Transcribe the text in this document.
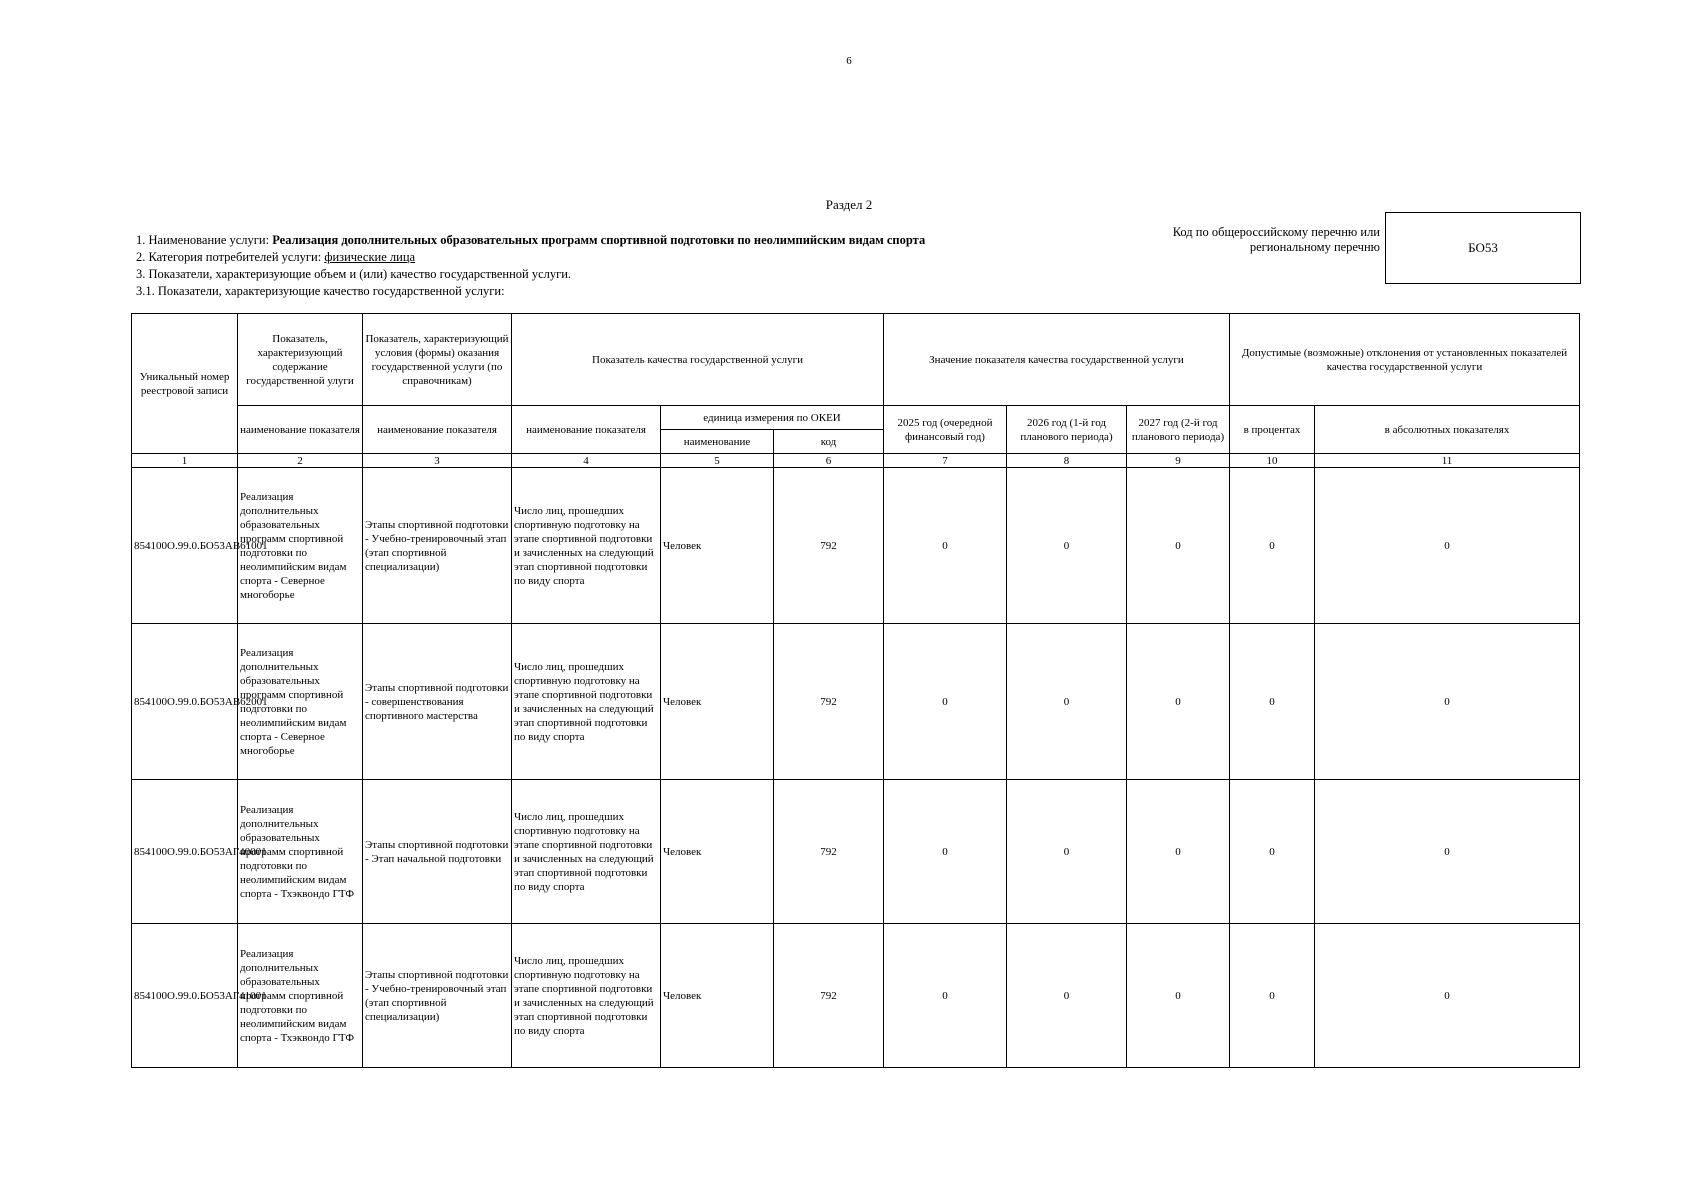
6
Раздел 2
1. Наименование услуги: Реализация дополнительных образовательных программ спортивной подготовки по неолимпийским видам спорта
2. Категория потребителей услуги: физические лица
3. Показатели, характеризующие объем и (или) качество государственной услуги.
3.1. Показатели, характеризующие качество государственной услуги:
Код по общероссийскому перечню или региональному перечню	БО53
Уникальный номер реестровой записи	Показатель, характеризующий содержание государственной улуги	Показатель, характеризующий условия (формы) оказания государственной услуги (по справочникам)	Показатель качества государственной услуги			Значение показателя качества государственной услуги			Допустимые (возможные) отклонения от установленных показателей качества государственной услуги	
	наименование показателя	наименование показателя	наименование показателя	единица измерения по ОКЕИ		2025 год (очередной финансовый год)	2026 год (1-й год планового периода)	2027 год (2-й год планового периода)	в процентах	в абсолютных показателях
				наименование	код					
1	2	3	4	5	6	7	8	9	10	11
854100О.99.0.БО53АВ61001	Реализация дополнительных образовательных программ спортивной подготовки по неолимпийским видам спорта - Северное многоборье	Этапы спортивной подготовки - Учебно-тренировочный этап (этап спортивной специализации)	Число лиц, прошедших спортивную подготовку на этапе спортивной подготовки и зачисленных на следующий этап спортивной подготовки по виду спорта	Человек	792	0	0	0	0	0
854100О.99.0.БО53АВ62001	Реализация дополнительных образовательных программ спортивной подготовки по неолимпийским видам спорта - Северное многоборье	Этапы спортивной подготовки - совершенствования спортивного мастерства	Число лиц, прошедших спортивную подготовку на этапе спортивной подготовки и зачисленных на следующий этап спортивной подготовки по виду спорта	Человек	792	0	0	0	0	0
854100О.99.0.БО53АГ40001	Реализация дополнительных образовательных программ спортивной подготовки по неолимпийским видам спорта - Тхэквондо ГТФ	Этапы спортивной подготовки - Этап начальной подготовки	Число лиц, прошедших спортивную подготовку на этапе спортивной подготовки и зачисленных на следующий этап спортивной подготовки по виду спорта	Человек	792	0	0	0	0	0
854100О.99.0.БО53АГ41001	Реализация дополнительных образовательных программ спортивной подготовки по неолимпийским видам спорта - Тхэквондо ГТФ	Этапы спортивной подготовки - Учебно-тренировочный этап (этап спортивной специализации)	Число лиц, прошедших спортивную подготовку на этапе спортивной подготовки и зачисленных на следующий этап спортивной подготовки по виду спорта	Человек	792	0	0	0	0	0
